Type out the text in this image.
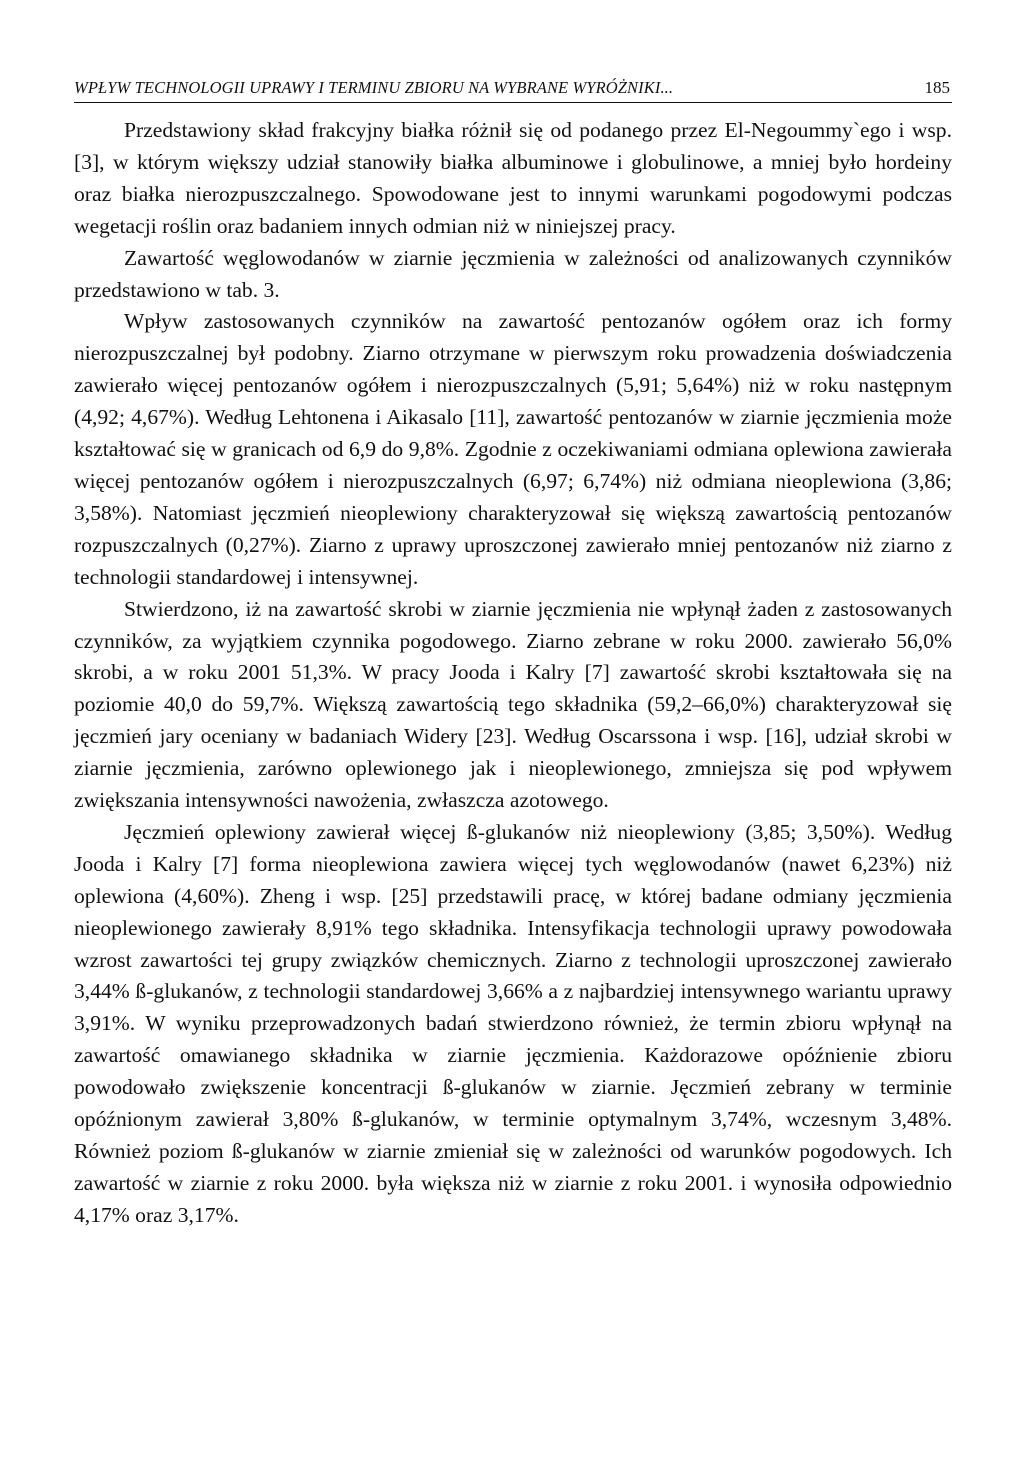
WPŁYW TECHNOLOGII UPRAWY I TERMINU ZBIORU NA WYBRANE WYRÓŻNIKI...	185

Przedstawiony skład frakcyjny białka różnił się od podanego przez El-Negoummy`ego i wsp. [3], w którym większy udział stanowiły białka albuminowe i globulinowe, a mniej było hordeiny oraz białka nierozpuszczalnego. Spowodowane jest to innymi warunkami pogodowymi podczas wegetacji roślin oraz badaniem innych odmian niż w niniejszej pracy.

Zawartość węglowodanów w ziarnie jęczmienia w zależności od analizowanych czynników przedstawiono w tab. 3.

Wpływ zastosowanych czynników na zawartość pentozanów ogółem oraz ich formy nierozpuszczalnej był podobny. Ziarno otrzymane w pierwszym roku prowadzenia doświadczenia zawierało więcej pentozanów ogółem i nierozpuszczalnych (5,91; 5,64%) niż w roku następnym (4,92; 4,67%). Według Lehtonena i Aikasalo [11], zawartość pentozanów w ziarnie jęczmienia może kształtować się w granicach od 6,9 do 9,8%. Zgodnie z oczekiwaniami odmiana oplewiona zawierała więcej pentozanów ogółem i nierozpuszczalnych (6,97; 6,74%) niż odmiana nieoplewiona (3,86; 3,58%). Natomiast jęczmień nieoplewiony charakteryzował się większą zawartością pentozanów rozpuszczalnych (0,27%). Ziarno z uprawy uproszczonej zawierało mniej pentozanów niż ziarno z technologii standardowej i intensywnej.

Stwierdzono, iż na zawartość skrobi w ziarnie jęczmienia nie wpłynął żaden z zastosowanych czynników, za wyjątkiem czynnika pogodowego. Ziarno zebrane w roku 2000. zawierało 56,0% skrobi, a w roku 2001 51,3%. W pracy Jooda i Kalry [7] zawartość skrobi kształtowała się na poziomie 40,0 do 59,7%. Większą zawartością tego składnika (59,2–66,0%) charakteryzował się jęczmień jary oceniany w badaniach Widery [23]. Według Oscarssona i wsp. [16], udział skrobi w ziarnie jęczmienia, zarówno oplewionego jak i nieoplewionego, zmniejsza się pod wpływem zwiększania intensywności nawożenia, zwłaszcza azotowego.

Jęczmień oplewiony zawierał więcej ß-glukanów niż nieoplewiony (3,85; 3,50%). Według Jooda i Kalry [7] forma nieoplewiona zawiera więcej tych węglowodanów (nawet 6,23%) niż oplewiona (4,60%). Zheng i wsp. [25] przedstawili pracę, w której badane odmiany jęczmienia nieoplewionego zawierały 8,91% tego składnika. Intensyfikacja technologii uprawy powodowała wzrost zawartości tej grupy związków chemicznych. Ziarno z technologii uproszczonej zawierało 3,44% ß-glukanów, z technologii standardowej 3,66% a z najbardziej intensywnego wariantu uprawy 3,91%. W wyniku przeprowadzonych badań stwierdzono również, że termin zbioru wpłynął na zawartość omawianego składnika w ziarnie jęczmienia. Każdorazowe opóźnienie zbioru powodowało zwiększenie koncentracji ß-glukanów w ziarnie. Jęczmień zebrany w terminie opóźnionym zawierał 3,80% ß-glukanów, w terminie optymalnym 3,74%, wczesnym 3,48%. Również poziom ß-glukanów w ziarnie zmieniał się w zależności od warunków pogodowych. Ich zawartość w ziarnie z roku 2000. była większa niż w ziarnie z roku 2001. i wynosiła odpowiednio 4,17% oraz 3,17%.
